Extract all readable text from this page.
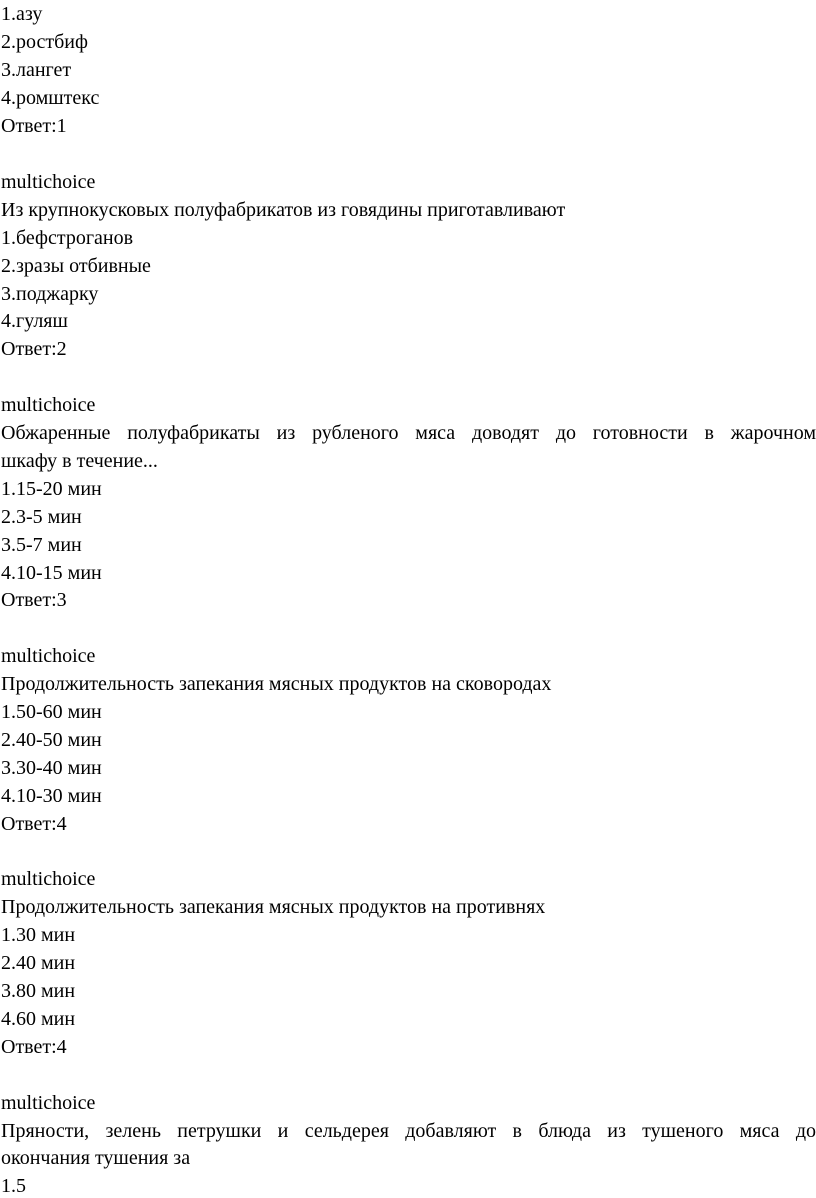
1.азу
2.ростбиф
3.лангет
4.ромштекс
Ответ:1
multichoice
Из крупнокусковых полуфабрикатов из говядины приготавливают
1.бефстроганов
2.зразы отбивные
3.поджарку
4.гуляш
Ответ:2
multichoice
Обжаренные полуфабрикаты из рубленого мяса доводят до готовности в жарочном
шкафу в течение...
1.15-20 мин
2.3-5 мин
3.5-7 мин
4.10-15 мин
Ответ:3
multichoice
Продолжительность запекания мясных продуктов на сковородах
1.50-60 мин
2.40-50 мин
3.30-40 мин
4.10-30 мин
Ответ:4
multichoice
Продолжительность запекания мясных продуктов на противнях
1.30 мин
2.40 мин
3.80 мин
4.60 мин
Ответ:4
multichoice
Пряности, зелень петрушки и сельдерея добавляют в блюда из тушеного мяса до
окончания тушения за
1.5
